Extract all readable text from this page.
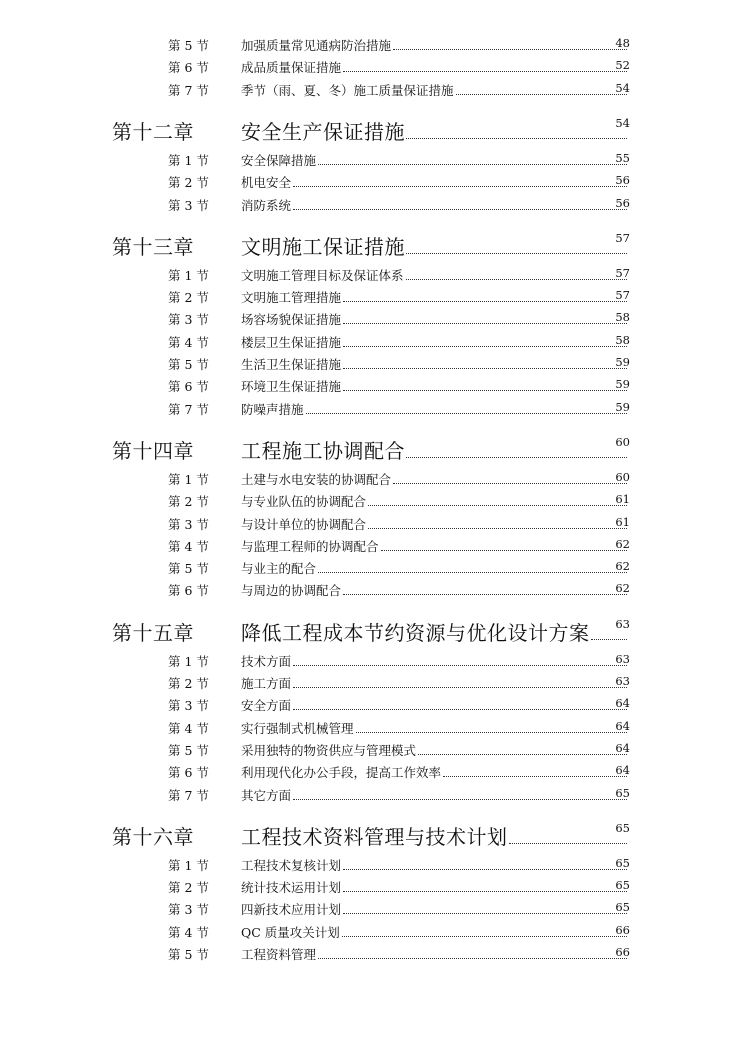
第 5 节	加强质量常见通病防治措施	48
第 6 节	成品质量保证措施	52
第 7 节	季节（雨、夏、冬）施工质量保证措施	54
第十二章 安全生产保证措施	54
第 1 节	安全保障措施	55
第 2 节	机电安全	56
第 3 节	消防系统	56
第十三章 文明施工保证措施	57
第 1 节	文明施工管理目标及保证体系	57
第 2 节	文明施工管理措施	57
第 3 节	场容场貌保证措施	58
第 4 节	楼层卫生保证措施	58
第 5 节	生活卫生保证措施	59
第 6 节	环境卫生保证措施	59
第 7 节	防噪声措施	59
第十四章 工程施工协调配合	60
第 1 节	土建与水电安装的协调配合	60
第 2 节	与专业队伍的协调配合	61
第 3 节	与设计单位的协调配合	61
第 4 节	与监理工程师的协调配合	62
第 5 节	与业主的配合	62
第 6 节	与周边的协调配合	62
第十五章 降低工程成本节约资源与优化设计方案 63
第 1 节	技术方面	63
第 2 节	施工方面	63
第 3 节	安全方面	64
第 4 节	实行强制式机械管理	64
第 5 节	采用独特的物资供应与管理模式	64
第 6 节	利用现代化办公手段，提高工作效率	64
第 7 节	其它方面	65
第十六章 工程技术资料管理与技术计划	65
第 1 节	工程技术复核计划	65
第 2 节	统计技术运用计划	65
第 3 节	四新技术应用计划	65
第 4 节	QC 质量攻关计划	66
第 5 节	工程资料管理	66
